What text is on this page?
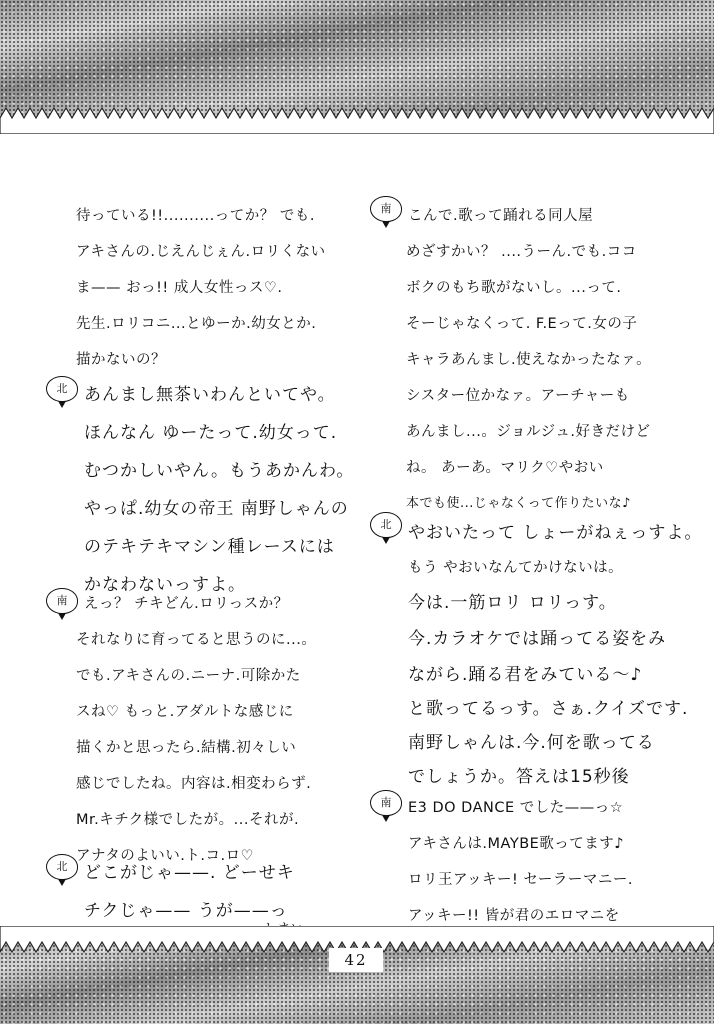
待っている!!..........ってか？ でも.
アキさんの.じえんじぇん.ロリくない
ま—— おっ!! 成人女性っス♡.
先生.ロリコニ...とゆーか.幼女とか.
描かないの？
北 あんまし無茶いわんといてや。
ほんなん ゆーたって.幼女って.
むつかしいやん。もうあかんわ。
やっぱ.幼女の帝王 南野しゃんの
のテキテキマシン種レースには
かなわないっすよ。
南	えっ？ チキどん.ロリっスか？
それなりに育ってると思うのに...。
でも.アキさんの.ニーナ.可除かた
スね♡ もっと.アダルトな感じに
描くかと思ったら.結構.初々しい
感じでしたね。内容は.相変わらず.
Mr.キチク様でしたが。...それが.
アナタのよいい.ト.コ.ロ♡
北 どこがじゃ——. どーせキ
チクじゃ—— うが——っ
南	こんで.歌って踊れる同人屋
めざすかい？ ....うーん.でも.ココ
ボクのもち歌がないし。...って.
そーじゃなくって. F.Eって.女の子
キャラあんまし.使えなかったなァ。
シスター位かなァ。アーチャーも
あんまし...。ジョルジュ.好きだけど
ね。 あーあ。マリク♡やおい
本でも使...じゃなくって作りたいな♪
北 やおいたって しょーがねぇっすよ。
もう やおいなんてかけないは。
今は.一筋ロリ ロリっす。
今.カラオケでは踊ってる姿をみ
ながら.踊る君をみている〜♪
と歌ってるっす。さぁ.クイズです.
南野しゃんは.今.何を歌ってる
でしょうか。答えは15秒後
南	E3 DO DANCE でした——っ☆
アキさんは.MAYBE歌ってます♪
ロリ王アッキー! セーラーマニー.
アッキー!! 皆が君のエロマニを
42
